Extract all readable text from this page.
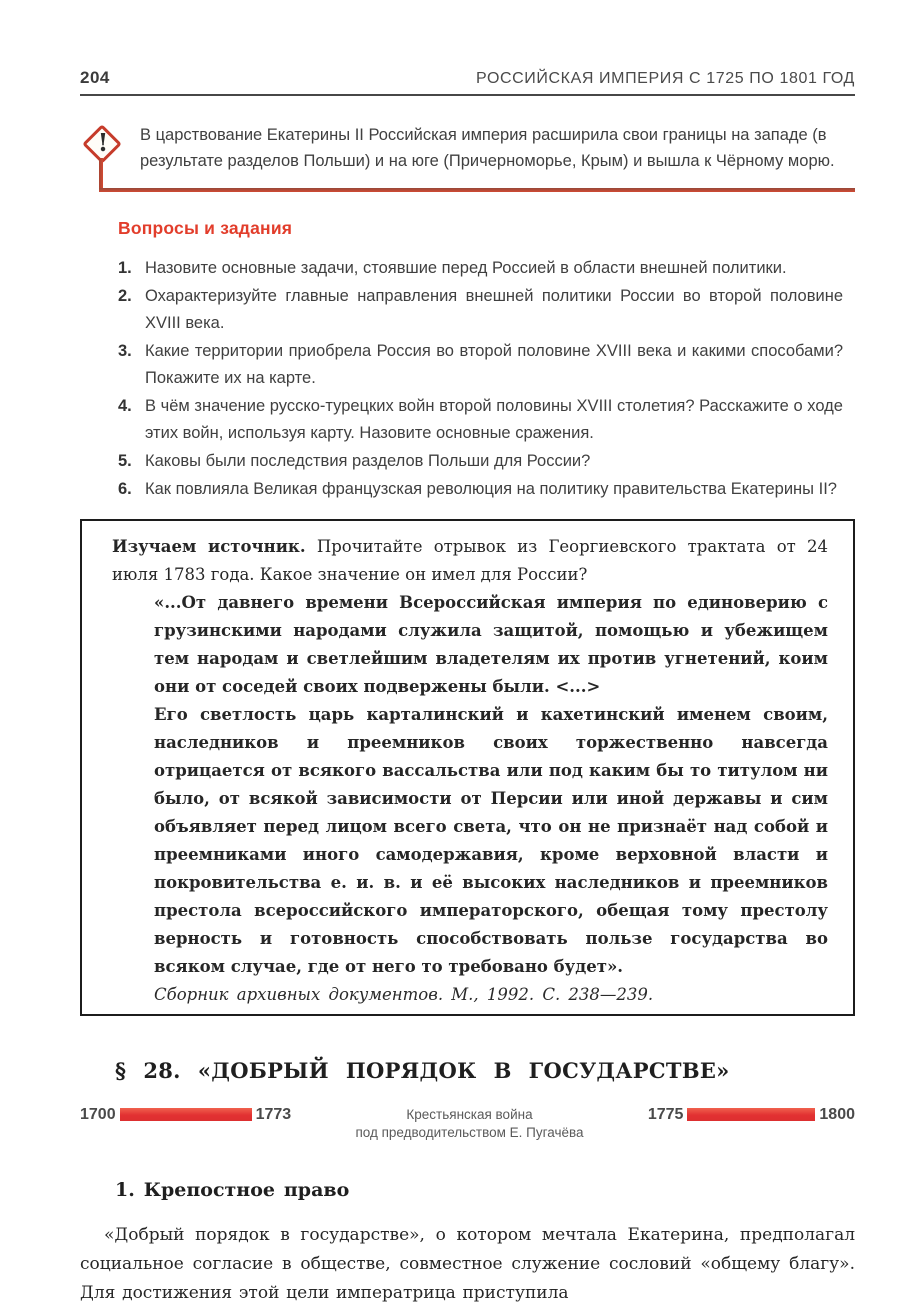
204	РОССИЙСКАЯ ИМПЕРИЯ С 1725 ПО 1801 ГОД
!	В царствование Екатерины II Российская империя расширила свои границы на западе (в результате разделов Польши) и на юге (Причерноморье, Крым) и вышла к Чёрному морю.
Вопросы и задания
1. Назовите основные задачи, стоявшие перед Россией в области внешней политики.
2. Охарактеризуйте главные направления внешней политики России во второй половине XVIII века.
3. Какие территории приобрела Россия во второй половине XVIII века и какими способами? Покажите их на карте.
4. В чём значение русско-турецких войн второй половины XVIII столетия? Расскажите о ходе этих войн, используя карту. Назовите основные сражения.
5. Каковы были последствия разделов Польши для России?
6. Как повлияла Великая французская революция на политику правительства Екатерины II?

Изучаем источник. Прочитайте отрывок из Георгиевского трактата от 24 июля 1783 года. Какое значение он имел для России?

«...От давнего времени Всероссийская империя по единоверию с грузинскими народами служила защитой, помощью и убежищем тем народам и светлейшим владетелям их против угнетений, коим они от соседей своих подвержены были. <...>

Его светлость царь карталинский и кахетинский именем своим, наследников и преемников своих торжественно навсегда отрицается от всякого вассальства или под каким бы то титулом ни было, от всякой зависимости от Персии или иной державы и сим объявляет перед лицом всего света, что он не признаёт над собой и преемниками иного самодержавия, кроме верховной власти и покровительства е. и. в. и её высоких наследников и преемников престола всероссийского императорского, обещая тому престолу верность и готовность способствовать пользе государства во всяком случае, где от него то требовано будет».

Сборник архивных документов. М., 1992. С. 238—239.

§ 28. «ДОБРЫЙ ПОРЯДОК В ГОСУДАРСТВЕ»
1700	1773	Крестьянская война
под предводительством Е. Пугачёва
1775	1800
1. Крепостное право

«Добрый порядок в государстве», о котором мечтала Екатерина, предполагал социальное согласие в обществе, совместное служение сословий «общему благу». Для достижения этой цели императрица приступила
